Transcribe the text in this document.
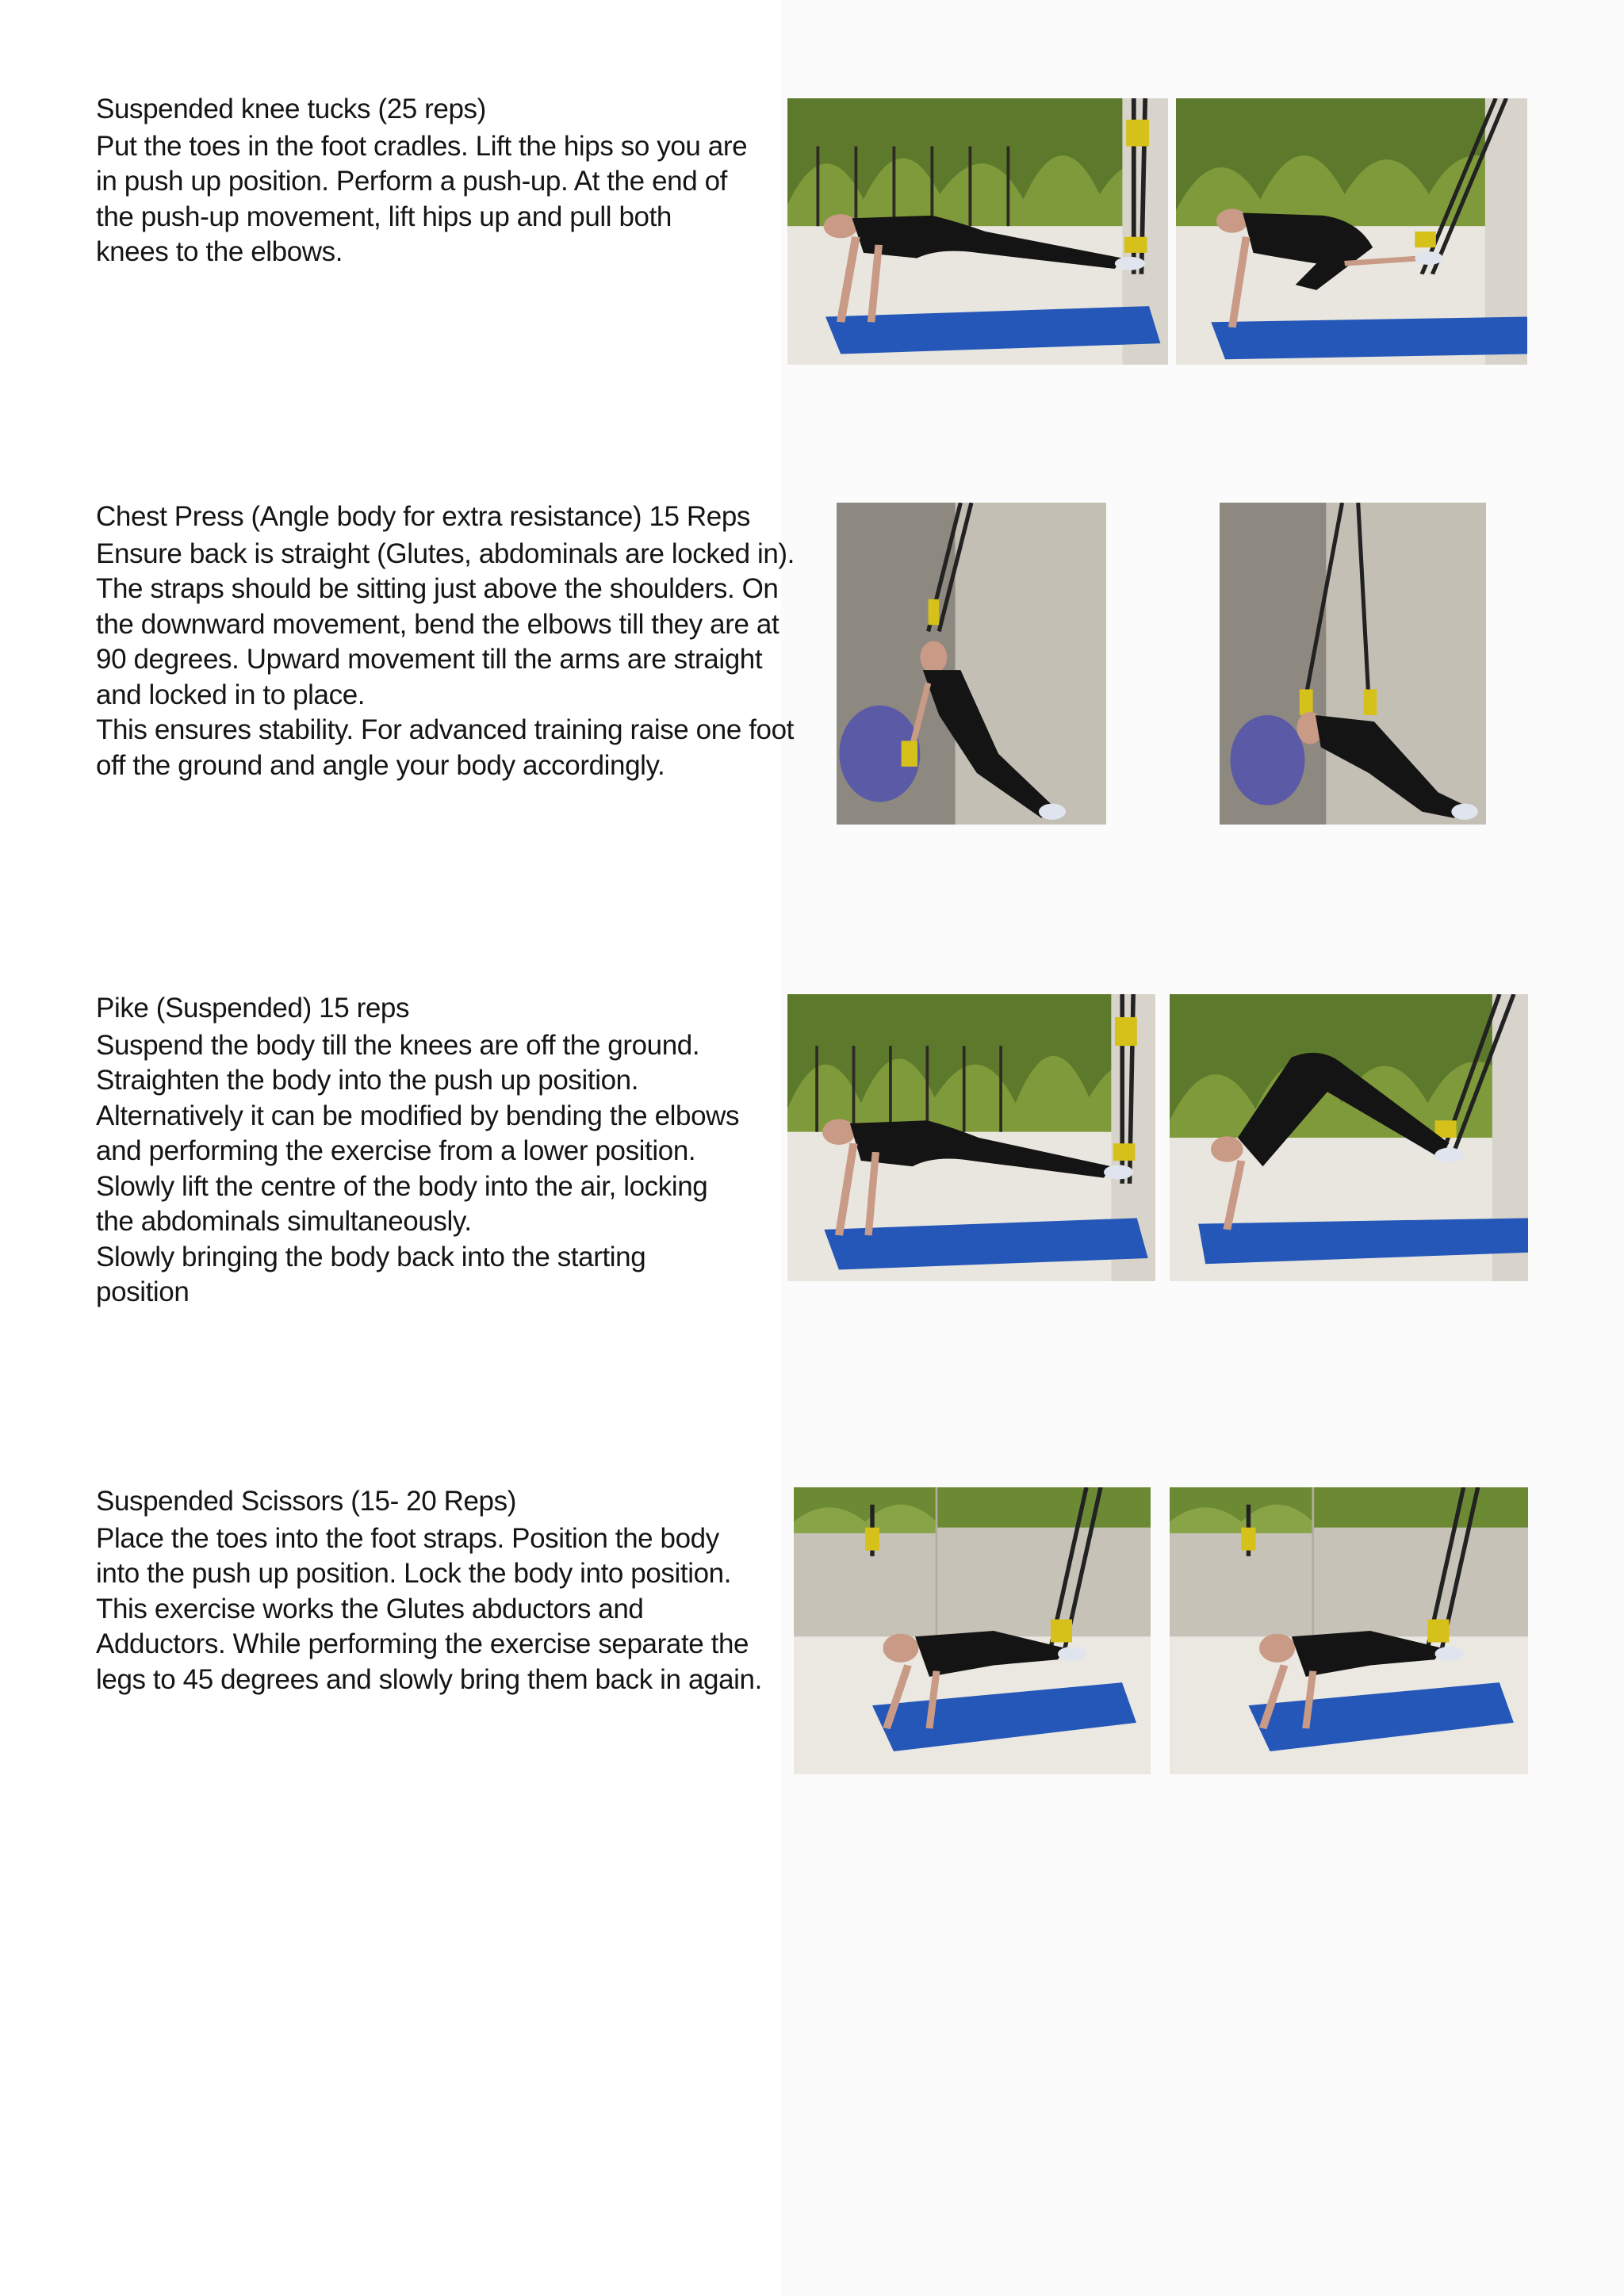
Suspended knee tucks (25 reps)

Put the toes in the foot cradles. Lift the hips so you are

in push up position. Perform a push-up. At the end of

the push-up movement, lift hips up and pull both

knees to the elbows.

Chest Press (Angle body for extra resistance) 15 Reps

Ensure back is straight (Glutes, abdominals are locked in).

The straps should be sitting just above the shoulders. On

the downward movement, bend the elbows till they are at

90 degrees. Upward movement till the arms are straight

and locked in to place.

This ensures stability. For advanced training raise one foot

off the ground and angle your body accordingly.

Pike (Suspended) 15 reps

Suspend the body till the knees are off the ground.

Straighten the body into the push up position.

Alternatively it can be modified by bending the elbows

and performing the exercise from a lower position.

Slowly lift the centre of the body into the air, locking

the abdominals simultaneously.

Slowly bringing the body back into the starting

position

Suspended Scissors (15- 20 Reps)

Place the toes into the foot straps. Position the body

into the push up position. Lock the body into position.

This exercise works the Glutes abductors and

Adductors. While performing the exercise separate the

legs to 45 degrees and slowly bring them back in again.
